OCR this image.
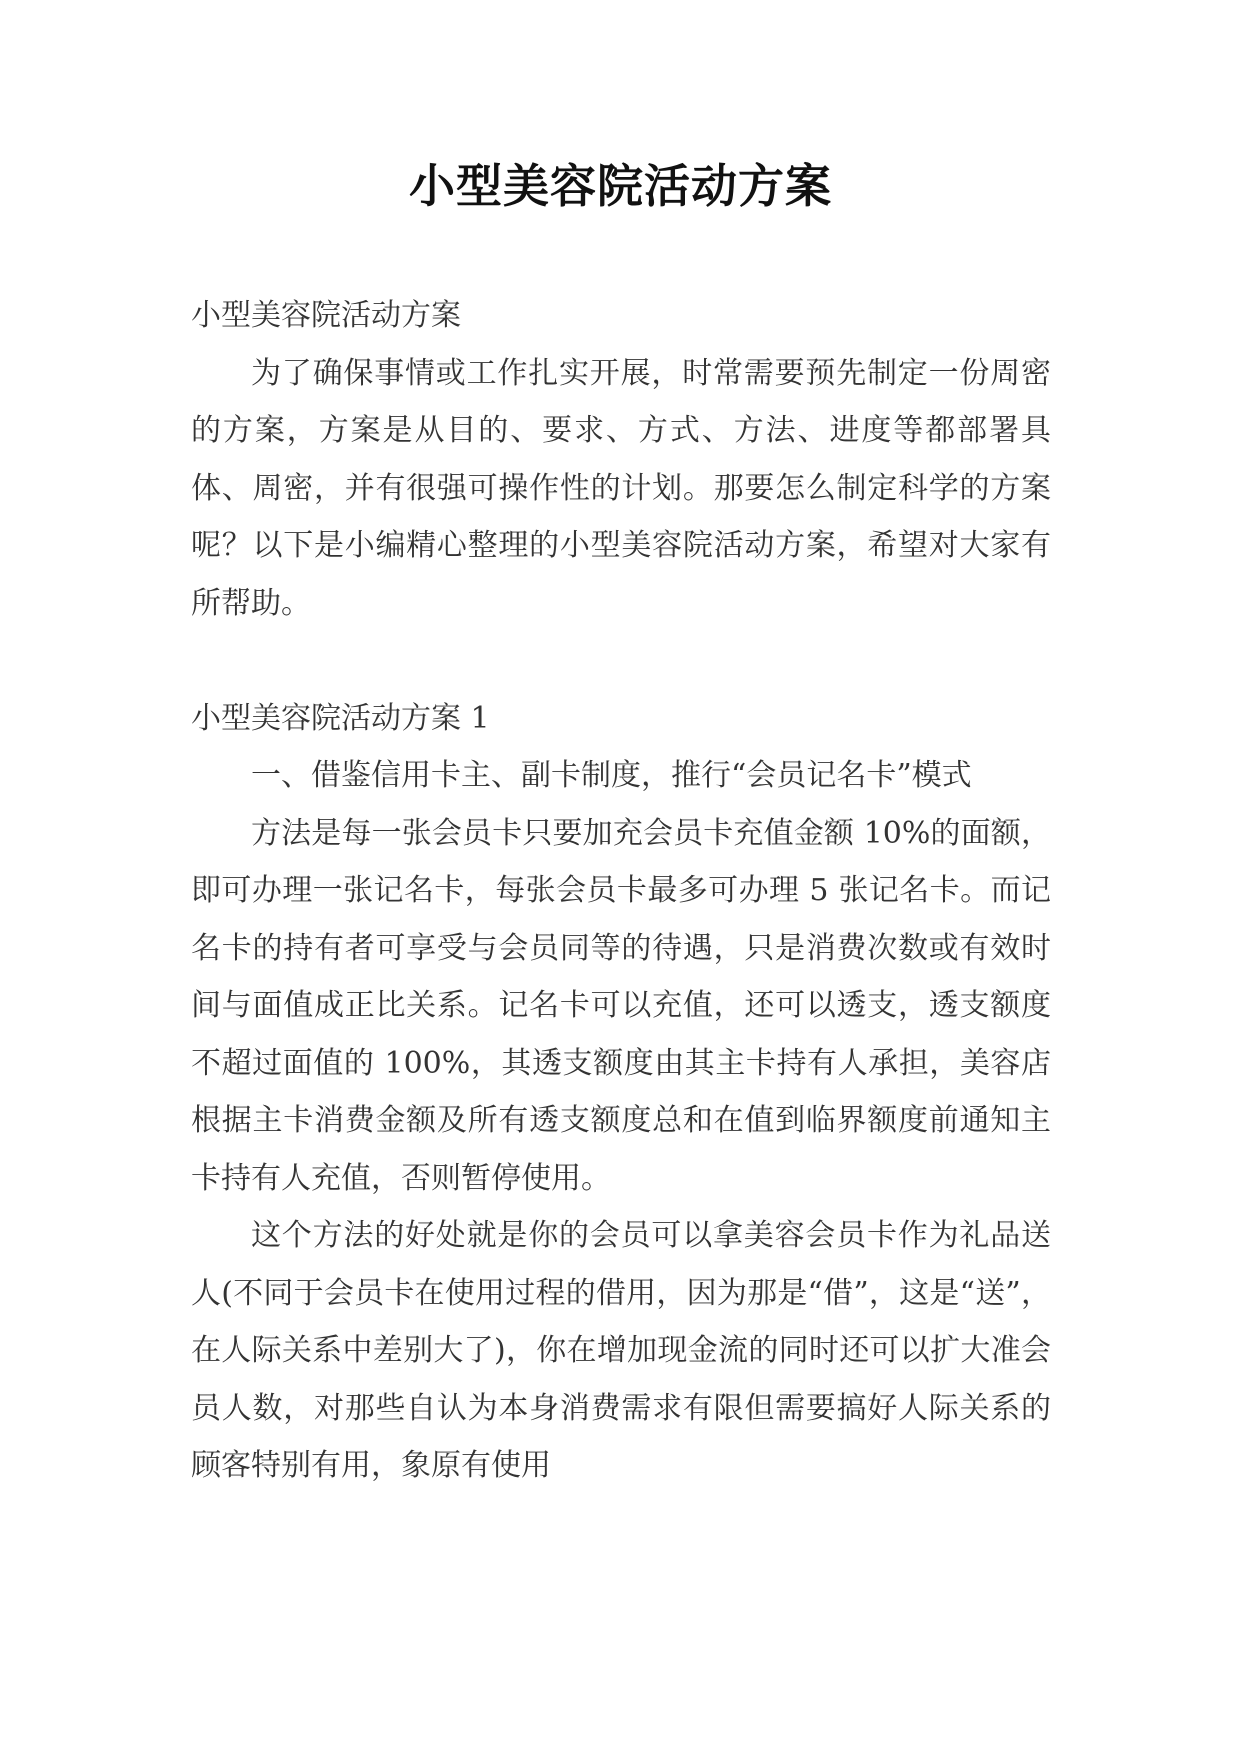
小型美容院活动方案

小型美容院活动方案

为了确保事情或工作扎实开展，时常需要预先制定一份周密的方案，方案是从目的、要求、方式、方法、进度等都部署具体、周密，并有很强可操作性的计划。那要怎么制定科学的方案呢？以下是小编精心整理的小型美容院活动方案，希望对大家有所帮助。

小型美容院活动方案 1

一、借鉴信用卡主、副卡制度，推行“会员记名卡”模式

方法是每一张会员卡只要加充会员卡充值金额 10%的面额，即可办理一张记名卡，每张会员卡最多可办理 5 张记名卡。而记名卡的持有者可享受与会员同等的待遇，只是消费次数或有效时间与面值成正比关系。记名卡可以充值，还可以透支，透支额度不超过面值的 100%，其透支额度由其主卡持有人承担，美容店根据主卡消费金额及所有透支额度总和在值到临界额度前通知主卡持有人充值，否则暂停使用。

这个方法的好处就是你的会员可以拿美容会员卡作为礼品送人(不同于会员卡在使用过程的借用，因为那是“借”，这是“送”，在人际关系中差别大了)，你在增加现金流的同时还可以扩大准会员人数，对那些自认为本身消费需求有限但需要搞好人际关系的顾客特别有用，象原有使用
